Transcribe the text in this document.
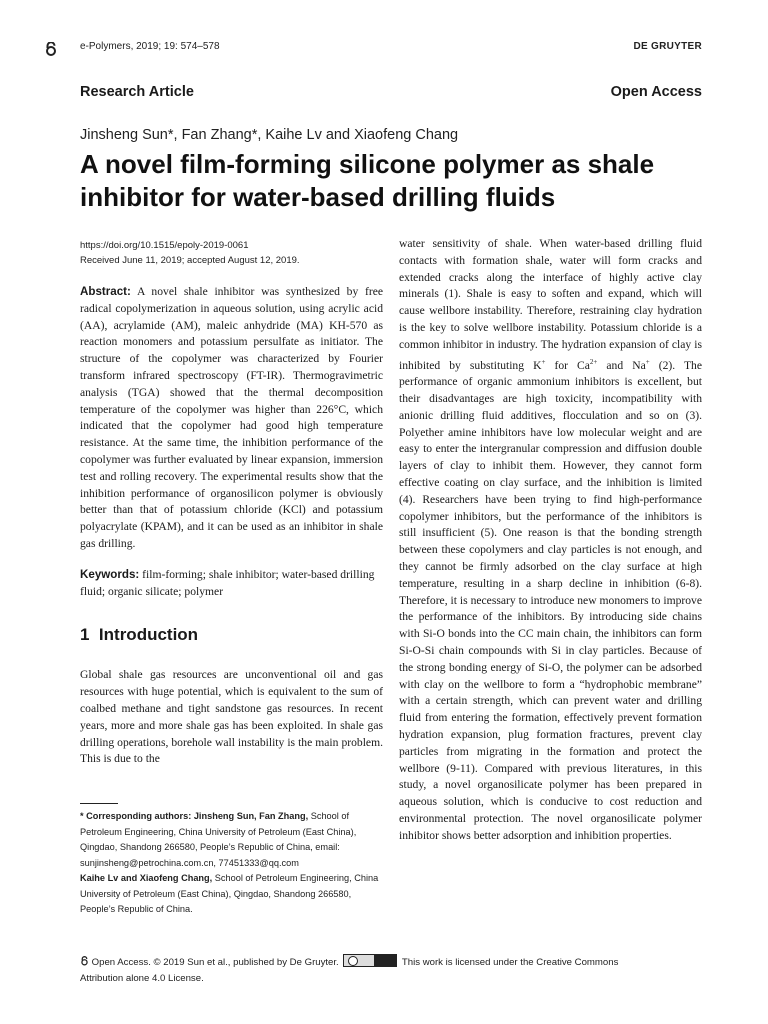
e-Polymers, 2019; 19: 574–578	DE GRUYTER
Research Article	Open Access
Jinsheng Sun*, Fan Zhang*, Kaihe Lv and Xiaofeng Chang
A novel film-forming silicone polymer as shale inhibitor for water-based drilling fluids
https://doi.org/10.1515/epoly-2019-0061
Received June 11, 2019; accepted August 12, 2019.

Abstract: A novel shale inhibitor was synthesized by free radical copolymerization in aqueous solution, using acrylic acid (AA), acrylamide (AM), maleic anhydride (MA) KH-570 as reaction monomers and potassium persulfate as initiator. The structure of the copolymer was characterized by Fourier transform infrared spectroscopy (FT-IR). Thermogravimetric analysis (TGA) showed that the thermal decomposition temperature of the copolymer was higher than 226°C, which indicated that the copolymer had good high temperature resistance. At the same time, the inhibition performance of the copolymer was further evaluated by linear expansion, immersion test and rolling recovery. The experimental results show that the inhibition performance of organosilicon polymer is obviously better than that of potassium chloride (KCl) and potassium polyacrylate (KPAM), and it can be used as an inhibitor in shale gas drilling.

Keywords: film-forming; shale inhibitor; water-based drilling fluid; organic silicate; polymer

1 Introduction

Global shale gas resources are unconventional oil and gas resources with huge potential, which is equivalent to the sum of coalbed methane and tight sandstone gas resources. In recent years, more and more shale gas has been exploited. In shale gas drilling operations, borehole wall instability is the main problem. This is due to the

* Corresponding authors: Jinsheng Sun, Fan Zhang, School of Petroleum Engineering, China University of Petroleum (East China), Qingdao, Shandong 266580, People’s Republic of China, email: sunjinsheng@petrochina.com.cn, 77451333@qq.com
Kaihe Lv and Xiaofeng Chang, School of Petroleum Engineering, China University of Petroleum (East China), Qingdao, Shandong 266580, People’s Republic of China.

water sensitivity of shale. When water-based drilling fluid contacts with formation shale, water will form cracks and extended cracks along the interface of highly active clay minerals (1). Shale is easy to soften and expand, which will cause wellbore instability. Therefore, restraining clay hydration is the key to solve wellbore instability. Potassium chloride is a common inhibitor in industry. The hydration expansion of clay is inhibited by substituting K+ for $Ca^{2+}$ and Na+ (2). The performance of organic ammonium inhibitors is excellent, but their disadvantages are high toxicity, incompatibility with anionic drilling fluid additives, flocculation and so on (3). Polyether amine inhibitors have low molecular weight and are easy to enter the intergranular compression and diffusion double layers of clay to inhibit them. However, they cannot form effective coating on clay surface, and the inhibition is limited (4). Researchers have been trying to find high-performance copolymer inhibitors, but the performance of the inhibitors is still insufficient (5). One reason is that the bonding strength between these copolymers and clay particles is not enough, and they cannot be firmly adsorbed on the clay surface at high temperature, resulting in a sharp decline in inhibition (6-8). Therefore, it is necessary to introduce new monomers to improve the performance of the inhibitors. By introducing side chains with Si-O bonds into the CC main chain, the inhibitors can form Si-O-Si chain compounds with Si in clay particles. Because of the strong bonding energy of Si-O, the polymer can be adsorbed with clay on the wellbore to form a “hydrophobic membrane” with a certain strength, which can prevent water and drilling fluid from entering the formation, effectively prevent formation hydration expansion, plug formation fractures, prevent clay particles from migrating in the formation and protect the wellbore (9-11). Compared with previous literatures, in this study, a novel organosilicate polymer has been prepared in aqueous solution, which is conducive to cost reduction and environmental protection. The novel organosilicate polymer inhibitor shows better adsorption and inhibition properties.

Open Access. © 2019 Sun et al., published by De Gruyter.	This work is licensed under the Creative Commons Attribution alone 4.0 License.
